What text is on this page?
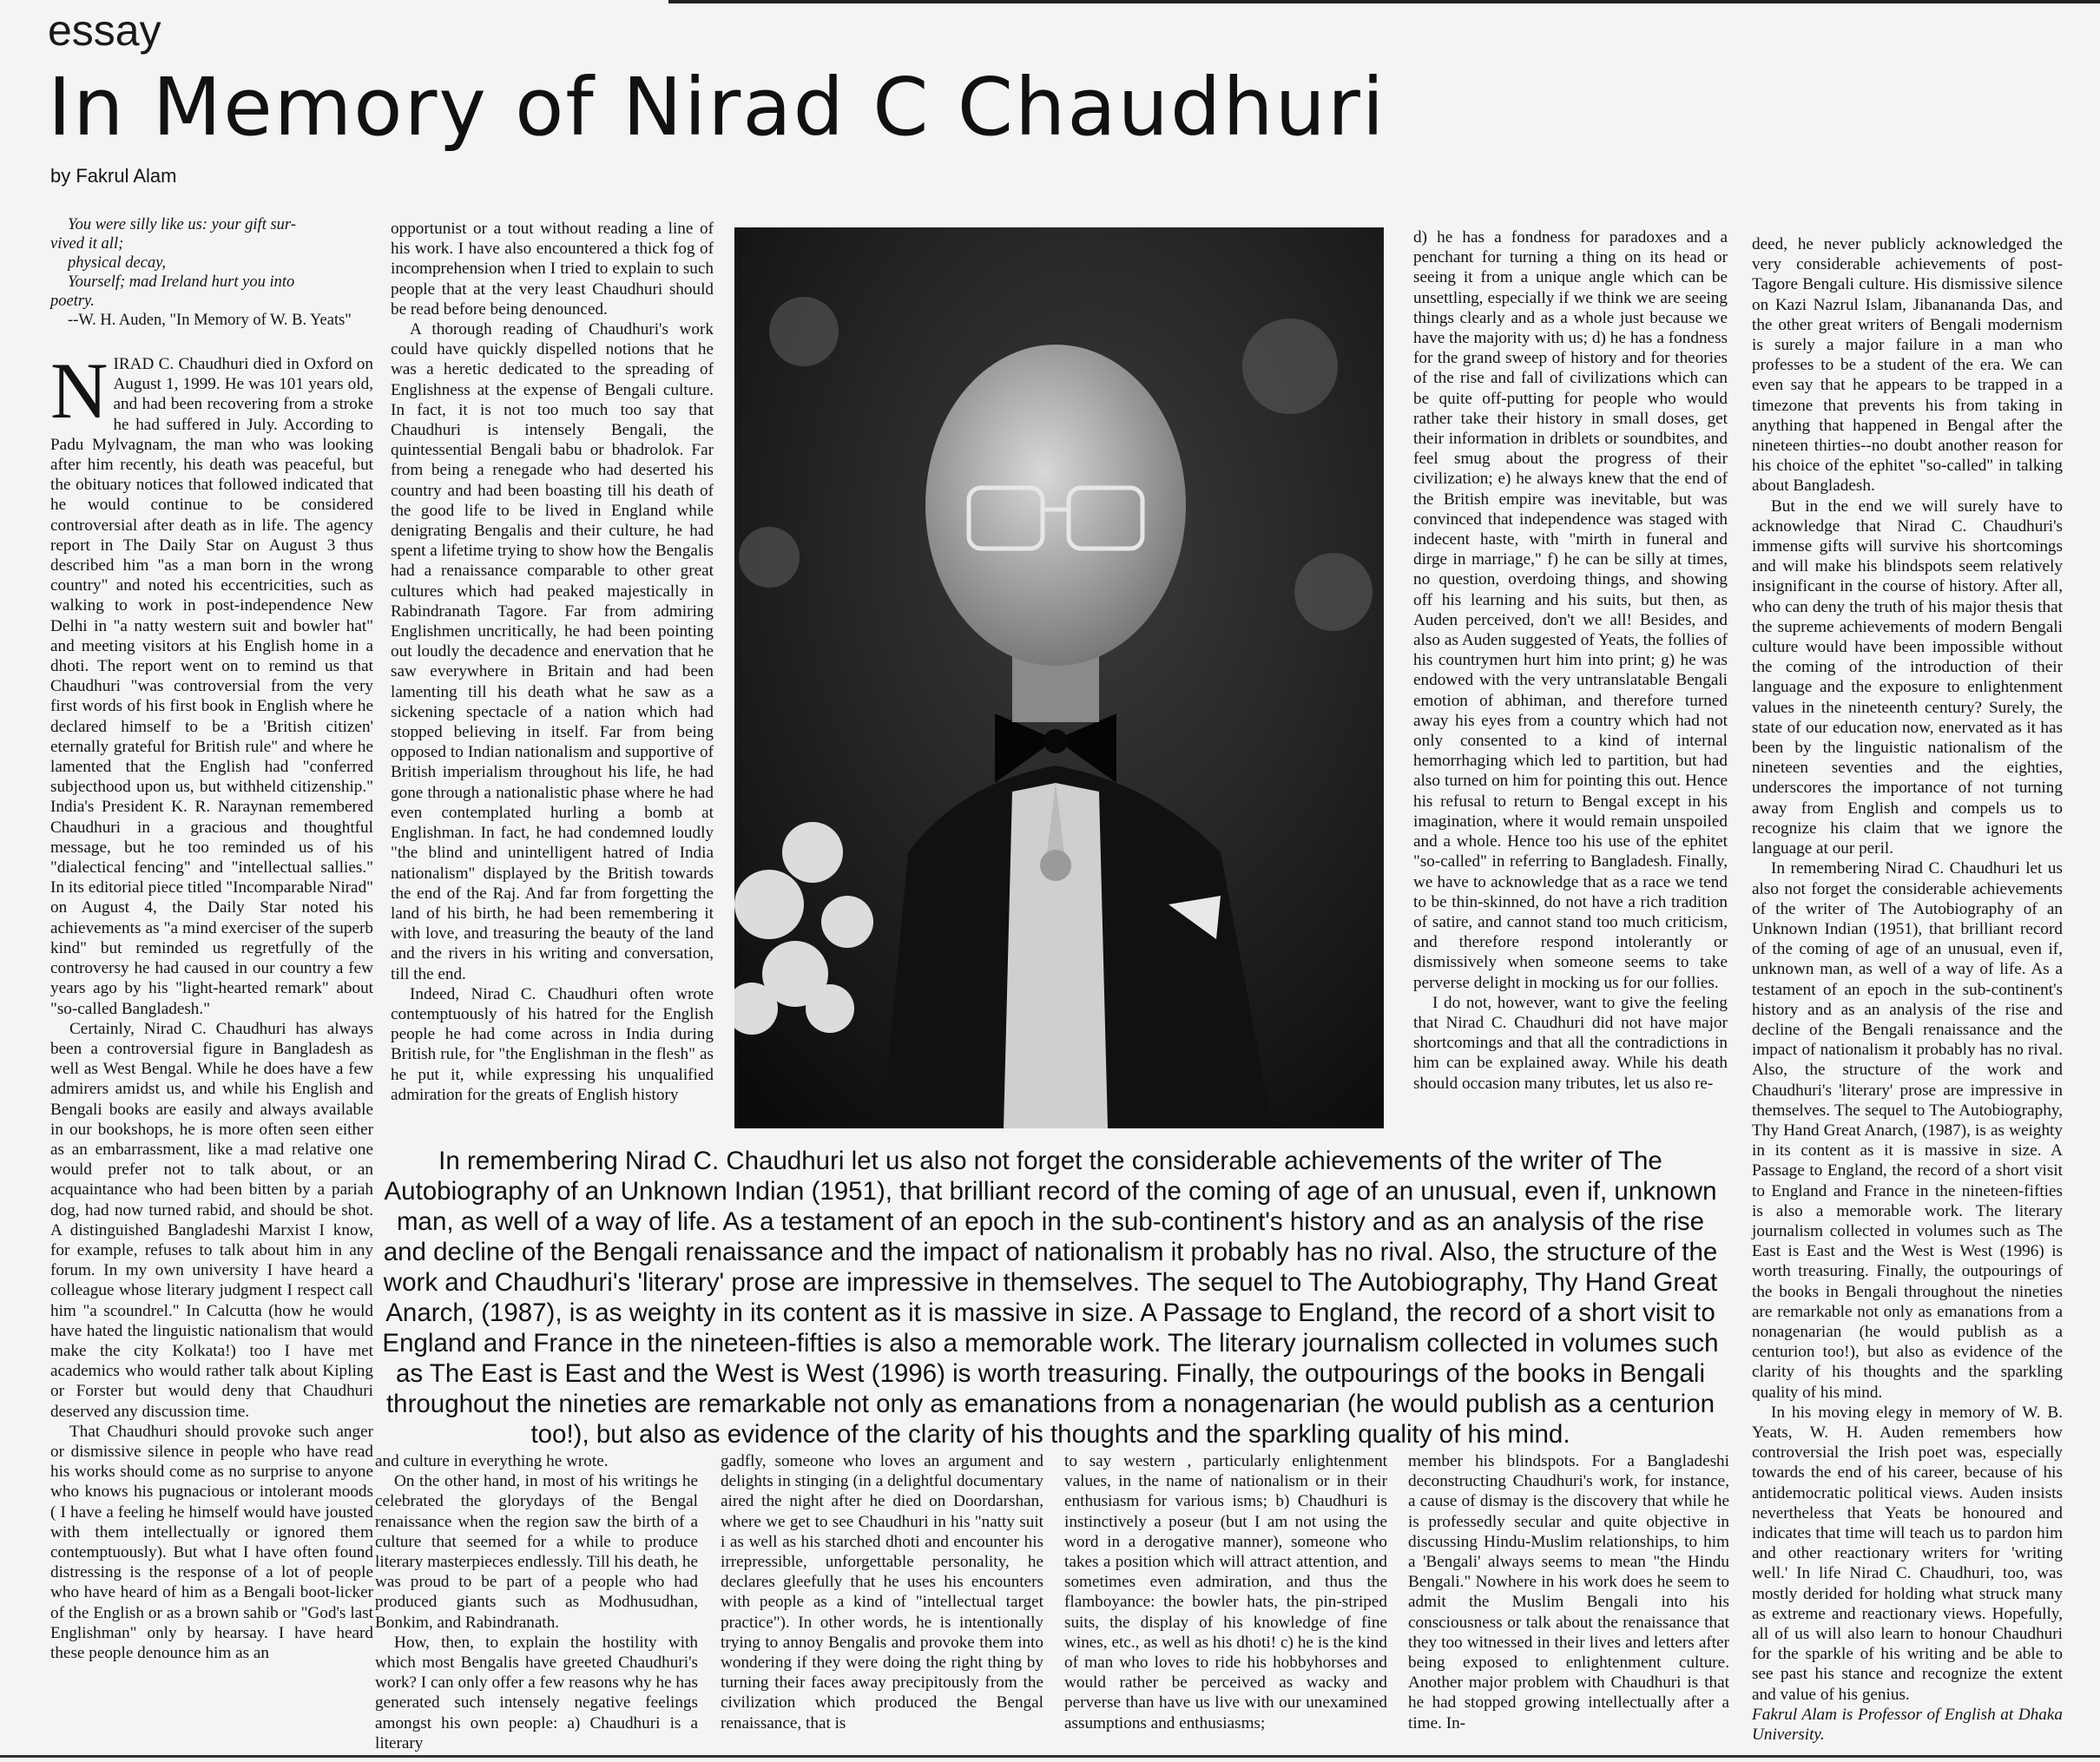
essay
In Memory of Nirad C Chaudhuri
by Fakrul Alam
You were silly like us: your gift sur-
vived it all;
physical decay,
Yourself; mad Ireland hurt you into
poetry.
--W. H. Auden, "In Memory of W. B. Yeats"

NIRAD C. Chaudhuri died in Oxford on August 1, 1999. He was 101 years old, and had been recovering from a stroke he had suffered in July. According to Padu Mylvagnam, the man who was looking after him recently, his death was peaceful, but the obituary notices that followed indicated that he would continue to be considered controversial after death as in life. The agency report in The Daily Star on August 3 thus described him "as a man born in the wrong country" and noted his eccentricities, such as walking to work in post-independence New Delhi in "a natty western suit and bowler hat" and meeting visitors at his English home in a dhoti. The report went on to remind us that Chaudhuri "was controversial from the very first words of his first book in English where he declared himself to be a 'British citizen' eternally grateful for British rule" and where he lamented that the English had "conferred subjecthood upon us, but withheld citizenship." India's President K. R. Naraynan remembered Chaudhuri in a gracious and thoughtful message, but he too reminded us of his "dialectical fencing" and "intellectual sallies." In its editorial piece titled "Incomparable Nirad" on August 4, the Daily Star noted his achievements as "a mind exerciser of the superb kind" but reminded us regretfully of the controversy he had caused in our country a few years ago by his "light-hearted remark" about "so-called Bangladesh."

Certainly, Nirad C. Chaudhuri has always been a controversial figure in Bangladesh as well as West Bengal. While he does have a few admirers amidst us, and while his English and Bengali books are easily and always available in our bookshops, he is more often seen either as an embarrassment, like a mad relative one would prefer not to talk about, or an acquaintance who had been bitten by a pariah dog, had now turned rabid, and should be shot. A distinguished Bangladeshi Marxist I know, for example, refuses to talk about him in any forum. In my own university I have heard a colleague whose literary judgment I respect call him "a scoundrel." In Calcutta (how he would have hated the linguistic nationalism that would make the city Kolkata!) too I have met academics who would rather talk about Kipling or Forster but would deny that Chaudhuri deserved any discussion time.

That Chaudhuri should provoke such anger or dismissive silence in people who have read his works should come as no surprise to anyone who knows his pugnacious or intolerant moods ( I have a feeling he himself would have jousted with them intellectually or ignored them contemptuously). But what I have often found distressing is the response of a lot of people who have heard of him as a Bengali boot-licker of the English or as a brown sahib or "God's last Englishman" only by hearsay. I have heard these people denounce him as an

opportunist or a tout without reading a line of his work. I have also encountered a thick fog of incomprehension when I tried to explain to such people that at the very least Chaudhuri should be read before being denounced.

A thorough reading of Chaudhuri's work could have quickly dispelled notions that he was a heretic dedicated to the spreading of Englishness at the expense of Bengali culture. In fact, it is not too much too say that Chaudhuri is intensely Bengali, the quintessential Bengali babu or bhadrolok. Far from being a renegade who had deserted his country and had been boasting till his death of the good life to be lived in England while denigrating Bengalis and their culture, he had spent a lifetime trying to show how the Bengalis had a renaissance comparable to other great cultures which had peaked majestically in Rabindranath Tagore. Far from admiring Englishmen uncritically, he had been pointing out loudly the decadence and enervation that he saw everywhere in Britain and had been lamenting till his death what he saw as a sickening spectacle of a nation which had stopped believing in itself. Far from being opposed to Indian nationalism and supportive of British imperialism throughout his life, he had gone through a nationalistic phase where he had even contemplated hurling a bomb at Englishman. In fact, he had condemned loudly "the blind and unintelligent hatred of India nationalism" displayed by the British towards the end of the Raj. And far from forgetting the land of his birth, he had been remembering it with love, and treasuring the beauty of the land and the rivers in his writing and conversation, till the end.

Indeed, Nirad C. Chaudhuri often wrote contemptuously of his hatred for the English people he had come across in India during British rule, for "the Englishman in the flesh" as he put it, while expressing his unqualified admiration for the greats of English history

d) he has a fondness for paradoxes and a penchant for turning a thing on its head or seeing it from a unique angle which can be unsettling, especially if we think we are seeing things clearly and as a whole just because we have the majority with us; d) he has a fondness for the grand sweep of history and for theories of the rise and fall of civilizations which can be quite off-putting for people who would rather take their history in small doses, get their information in driblets or soundbites, and feel smug about the progress of their civilization; e) he always knew that the end of the British empire was inevitable, but was convinced that independence was staged with indecent haste, with "mirth in funeral and dirge in marriage," f) he can be silly at times, no question, overdoing things, and showing off his learning and his suits, but then, as Auden perceived, don't we all! Besides, and also as Auden suggested of Yeats, the follies of his countrymen hurt him into print; g) he was endowed with the very untranslatable Bengali emotion of abhiman, and therefore turned away his eyes from a country which had not only consented to a kind of internal hemorrhaging which led to partition, but had also turned on him for pointing this out. Hence his refusal to return to Bengal except in his imagination, where it would remain unspoiled and a whole. Hence too his use of the ephitet "so-called" in referring to Bangladesh. Finally, we have to acknowledge that as a race we tend to be thin-skinned, do not have a rich tradition of satire, and cannot stand too much criticism, and therefore respond intolerantly or dismissively when someone seems to take perverse delight in mocking us for our follies.

I do not, however, want to give the feeling that Nirad C. Chaudhuri did not have major shortcomings and that all the contradictions in him can be explained away. While his death should occasion many tributes, let us also re-

deed, he never publicly acknowledged the very considerable achievements of post-Tagore Bengali culture. His dismissive silence on Kazi Nazrul Islam, Jibanananda Das, and the other great writers of Bengali modernism is surely a major failure in a man who professes to be a student of the era. We can even say that he appears to be trapped in a timezone that prevents his from taking in anything that happened in Bengal after the nineteen thirties--no doubt another reason for his choice of the ephitet "so-called" in talking about Bangladesh.

But in the end we will surely have to acknowledge that Nirad C. Chaudhuri's immense gifts will survive his shortcomings and will make his blindspots seem relatively insignificant in the course of history. After all, who can deny the truth of his major thesis that the supreme achievements of modern Bengali culture would have been impossible without the coming of the introduction of their language and the exposure to enlightenment values in the nineteenth century? Surely, the state of our education now, enervated as it has been by the linguistic nationalism of the nineteen seventies and the eighties, underscores the importance of not turning away from English and compels us to recognize his claim that we ignore the language at our peril.

In remembering Nirad C. Chaudhuri let us also not forget the considerable achievements of the writer of The Autobiography of an Unknown Indian (1951), that brilliant record of the coming of age of an unusual, even if, unknown man, as well of a way of life. As a testament of an epoch in the sub-continent's history and as an analysis of the rise and decline of the Bengali renaissance and the impact of nationalism it probably has no rival. Also, the structure of the work and Chaudhuri's 'literary' prose are impressive in themselves. The sequel to The Autobiography, Thy Hand Great Anarch, (1987), is as weighty in its content as it is massive in size. A Passage to England, the record of a short visit to England and France in the nineteen-fifties is also a memorable work. The literary journalism collected in volumes such as The East is East and the West is West (1996) is worth treasuring. Finally, the outpourings of the books in Bengali throughout the nineties are remarkable not only as emanations from a nonagenarian (he would publish as a centurion too!), but also as evidence of the clarity of his thoughts and the sparkling quality of his mind.

In his moving elegy in memory of W. B. Yeats, W. H. Auden remembers how controversial the Irish poet was, especially towards the end of his career, because of his antidemocratic political views. Auden insists nevertheless that Yeats be honoured and indicates that time will teach us to pardon him and other reactionary writers for 'writing well.' In life Nirad C. Chaudhuri, too, was mostly derided for holding what struck many as extreme and reactionary views. Hopefully, all of us will also learn to honour Chaudhuri for the sparkle of his writing and be able to see past his stance and recognize the extent and value of his genius.

Fakrul Alam is Professor of English at Dhaka University.

In remembering Nirad C. Chaudhuri let us also not forget the considerable achievements of the writer of The Autobiography of an Unknown Indian (1951), that brilliant record of the coming of age of an unusual, even if, unknown man, as well of a way of life. As a testament of an epoch in the sub-continent's history and as an analysis of the rise and decline of the Bengali renaissance and the impact of nationalism it probably has no rival. Also, the structure of the work and Chaudhuri's 'literary' prose are impressive in themselves. The sequel to The Autobiography, Thy Hand Great Anarch, (1987), is as weighty in its content as it is massive in size. A Passage to England, the record of a short visit to England and France in the nineteen-fifties is also a memorable work. The literary journalism collected in volumes such as The East is East and the West is West (1996) is worth treasuring. Finally, the outpourings of the books in Bengali throughout the nineties are remarkable not only as emanations from a nonagenarian (he would publish as a centurion too!), but also as evidence of the clarity of his thoughts and the sparkling quality of his mind.

and culture in everything he wrote.

On the other hand, in most of his writings he celebrated the glorydays of the Bengal renaissance when the region saw the birth of a culture that seemed for a while to produce literary masterpieces endlessly. Till his death, he was proud to be part of a people who had produced giants such as Modhusudhan, Bonkim, and Rabindranath.

How, then, to explain the hostility with which most Bengalis have greeted Chaudhuri's work? I can only offer a few reasons why he has generated such intensely negative feelings amongst his own people: a) Chaudhuri is a literary

gadfly, someone who loves an argument and delights in stinging (in a delightful documentary aired the night after he died on Doordarshan, where we get to see Chaudhuri in his "natty suit i as well as his starched dhoti and encounter his irrepressible, unforgettable personality, he declares gleefully that he uses his encounters with people as a kind of "intellectual target practice"). In other words, he is intentionally trying to annoy Bengalis and provoke them into wondering if they were doing the right thing by turning their faces away precipitously from the civilization which produced the Bengal renaissance, that is

to say western , particularly enlightenment values, in the name of nationalism or in their enthusiasm for various isms; b) Chaudhuri is instinctively a poseur (but I am not using the word in a derogative manner), someone who takes a position which will attract attention, and sometimes even admiration, and thus the flamboyance: the bowler hats, the pin-striped suits, the display of his knowledge of fine wines, etc., as well as his dhoti! c) he is the kind of man who loves to ride his hobbyhorses and would rather be perceived as wacky and perverse than have us live with our unexamined assumptions and enthusiasms;

member his blindspots. For a Bangladeshi deconstructing Chaudhuri's work, for instance, a cause of dismay is the discovery that while he is professedly secular and quite objective in discussing Hindu-Muslim relationships, to him a 'Bengali' always seems to mean "the Hindu Bengali." Nowhere in his work does he seem to admit the Muslim Bengali into his consciousness or talk about the renaissance that they too witnessed in their lives and letters after being exposed to enlightenment culture. Another major problem with Chaudhuri is that he had stopped growing intellectually after a time. In-
